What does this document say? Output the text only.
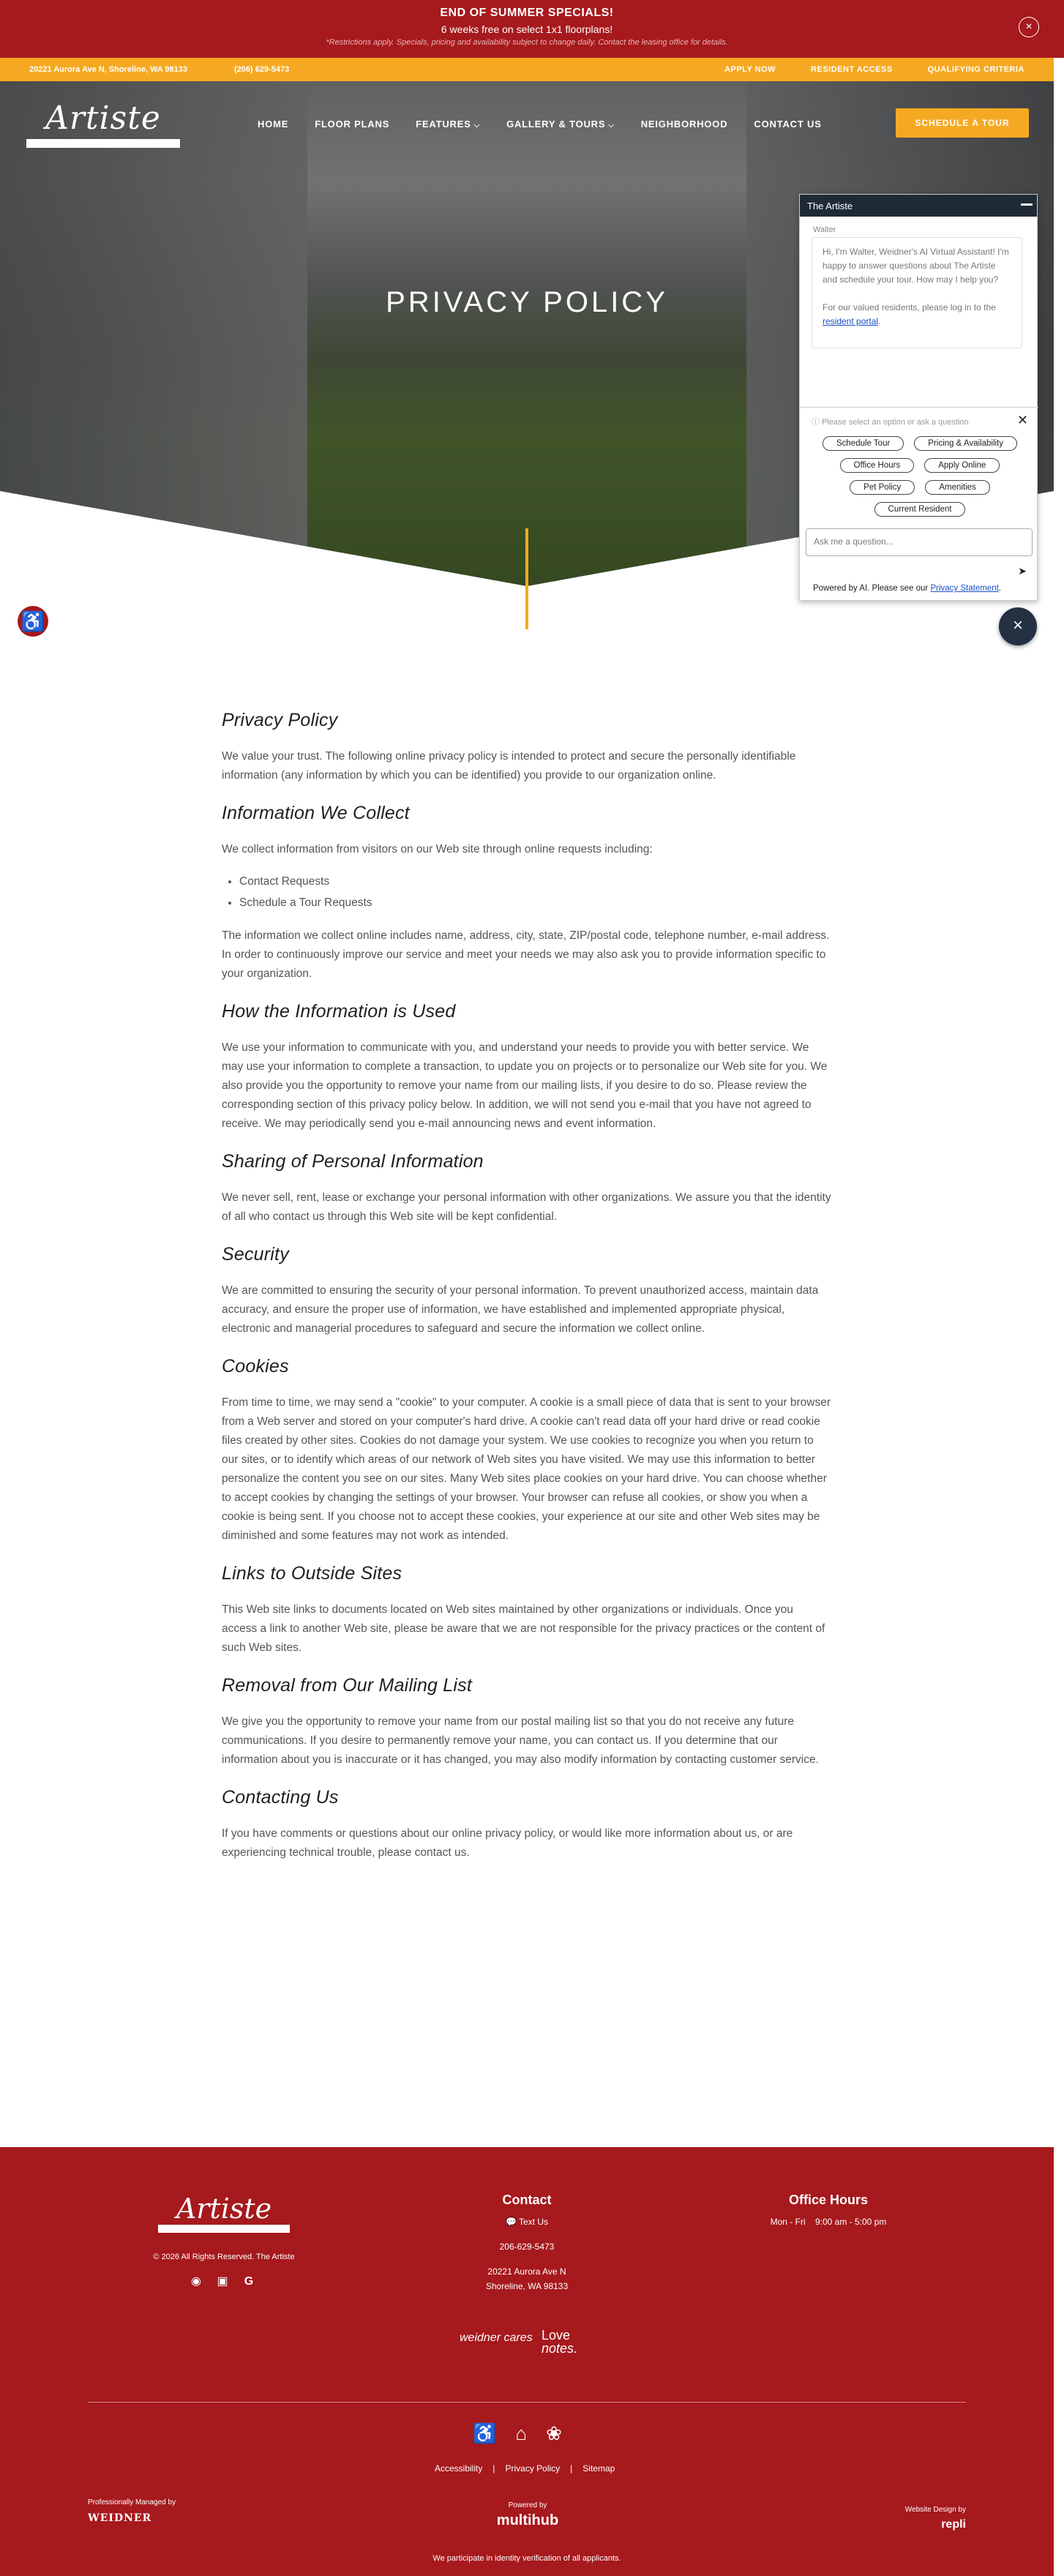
END OF SUMMER SPECIALS!
6 weeks free on select 1x1 floorplans!
*Restrictions apply. Specials, pricing and availability subject to change daily. Contact the leasing office for details.
×
20221 Aurora Ave N, Shoreline, WA 98133	(206) 629-5473	APPLY NOW	RESIDENT ACCESS	QUALIFYING CRITERIA
PRIVACY POLICY
Artiste	HOME	FLOOR PLANS	FEATURES ⌵	GALLERY & TOURS ⌵	NEIGHBORHOOD	CONTACT US	SCHEDULE A TOUR
The Artiste
Walter
Hi, I'm Walter, Weidner's AI Virtual Assistant! I'm happy to answer questions about The Artiste and schedule your tour. How may I help you?
For our valued residents, please log in to the resident portal.
ⓘ Please select an option or ask a question	✕
Schedule Tour	Pricing & Availability
Office Hours	Apply Online
Pet Policy	Amenities
Current Resident
Ask me a question...
➤
Powered by AI. Please see our Privacy Statement.
×
♿
Privacy Policy

We value your trust. The following online privacy policy is intended to protect and secure the personally identifiable information (any information by which you can be identified) you provide to our organization online.

Information We Collect

We collect information from visitors on our Web site through online requests including:

• Contact Requests
• Schedule a Tour Requests

The information we collect online includes name, address, city, state, ZIP/postal code, telephone number, e-mail address. In order to continuously improve our service and meet your needs we may also ask you to provide information specific to your organization.

How the Information is Used

We use your information to communicate with you, and understand your needs to provide you with better service. We may use your information to complete a transaction, to update you on projects or to personalize our Web site for you. We also provide you the opportunity to remove your name from our mailing lists, if you desire to do so. Please review the corresponding section of this privacy policy below. In addition, we will not send you e-mail that you have not agreed to receive. We may periodically send you e-mail announcing news and event information.

Sharing of Personal Information

We never sell, rent, lease or exchange your personal information with other organizations. We assure you that the identity of all who contact us through this Web site will be kept confidential.

Security

We are committed to ensuring the security of your personal information. To prevent unauthorized access, maintain data accuracy, and ensure the proper use of information, we have established and implemented appropriate physical, electronic and managerial procedures to safeguard and secure the information we collect online.

Cookies

From time to time, we may send a "cookie" to your computer. A cookie is a small piece of data that is sent to your browser from a Web server and stored on your computer's hard drive. A cookie can't read data off your hard drive or read cookie files created by other sites. Cookies do not damage your system. We use cookies to recognize you when you return to our sites, or to identify which areas of our network of Web sites you have visited. We may use this information to better personalize the content you see on our sites. Many Web sites place cookies on your hard drive. You can choose whether to accept cookies by changing the settings of your browser. Your browser can refuse all cookies, or show you when a cookie is being sent. If you choose not to accept these cookies, your experience at our site and other Web sites may be diminished and some features may not work as intended.

Links to Outside Sites

This Web site links to documents located on Web sites maintained by other organizations or individuals. Once you access a link to another Web site, please be aware that we are not responsible for the privacy practices or the content of such Web sites.

Removal from Our Mailing List

We give you the opportunity to remove your name from our postal mailing list so that you do not receive any future communications. If you desire to permanently remove your name, you can contact us. If you determine that our information about you is inaccurate or it has changed, you may also modify information by contacting customer service.

Contacting Us

If you have comments or questions about our online privacy policy, or would like more information about us, or are experiencing technical trouble, please contact us.

Artiste
© 2026 All Rights Reserved. The Artiste
◉ ▣ G
Contact
💬 Text Us
206-629-5473
20221 Aurora Ave N
Shoreline, WA 98133
Office Hours
Mon - Fri 9:00 am - 5:00 pm
weidner cares Love
notes.
♿ ⌂ ❀
Accessibility | Privacy Policy | Sitemap
Professionally Managed by
WEIDNER
Powered by
multihub
Website Design by
repli
We participate in identity verification of all applicants.
